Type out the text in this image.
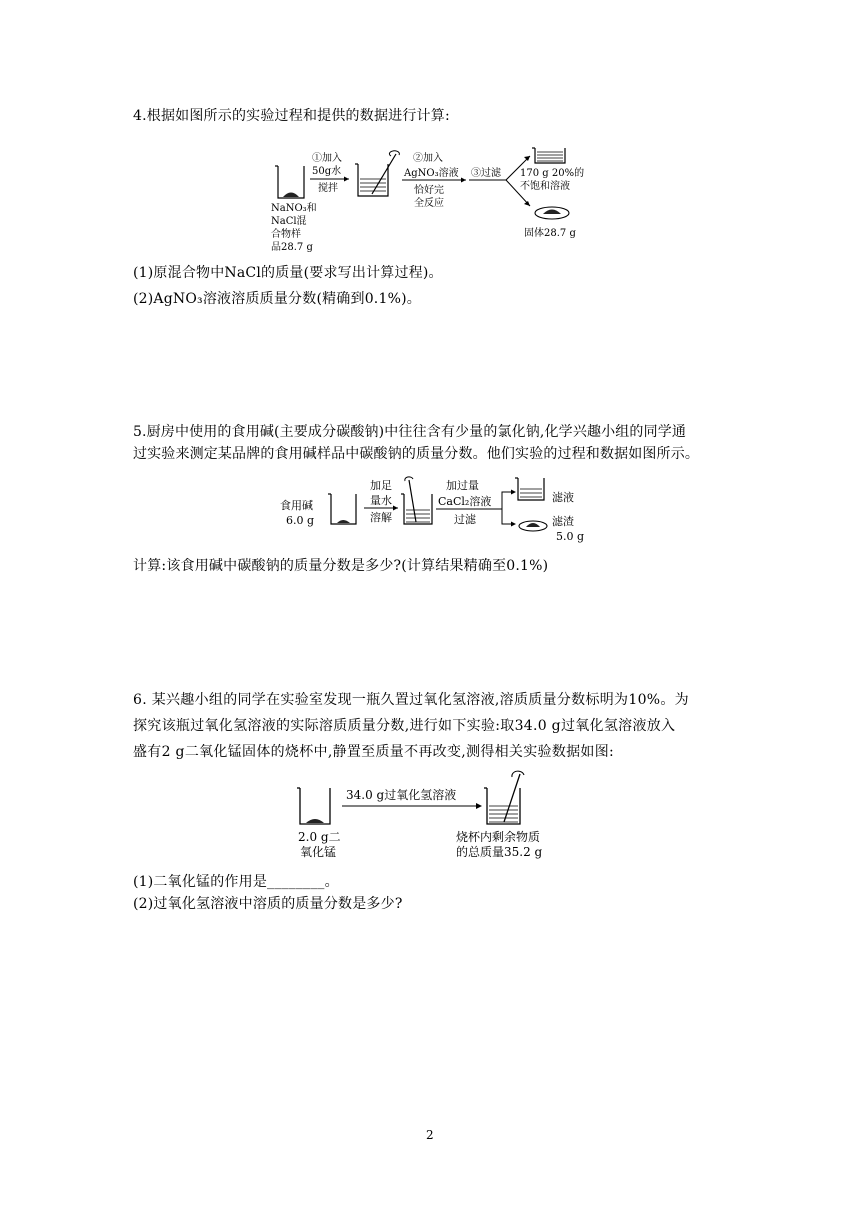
4.根据如图所示的实验过程和提供的数据进行计算:
NaNO₃和
NaCl混
合物样
品28.7 g
①加入
50g水
搅拌
②加入
AgNO₃溶液
恰好完
全反应
③过滤 170 g 20%的
不饱和溶液
固体28.7 g
(1)原混合物中NaCl的质量(要求写出计算过程)。
(2)AgNO₃溶液溶质质量分数(精确到0.1%)。
5.厨房中使用的食用碱(主要成分碳酸钠)中往往含有少量的氯化钠,化学兴趣小组的同学通
过实验来测定某品牌的食用碱样品中碳酸钠的质量分数。他们实验的过程和数据如图所示。
食用碱
6.0 g
加足
量水
溶解
加过量
CaCl₂溶液
过滤
滤液
滤渣
5.0 g
计算:该食用碱中碳酸钠的质量分数是多少?(计算结果精确至0.1%)
6. 某兴趣小组的同学在实验室发现一瓶久置过氧化氢溶液,溶质质量分数标明为10%。为
探究该瓶过氧化氢溶液的实际溶质质量分数,进行如下实验:取34.0 g过氧化氢溶液放入
盛有2 g二氧化锰固体的烧杯中,静置至质量不再改变,测得相关实验数据如图:
2.0 g二
氧化锰
34.0 g过氧化氢溶液
烧杯内剩余物质
的总质量35.2 g
(1)二氧化锰的作用是________。
(2)过氧化氢溶液中溶质的质量分数是多少?
2
